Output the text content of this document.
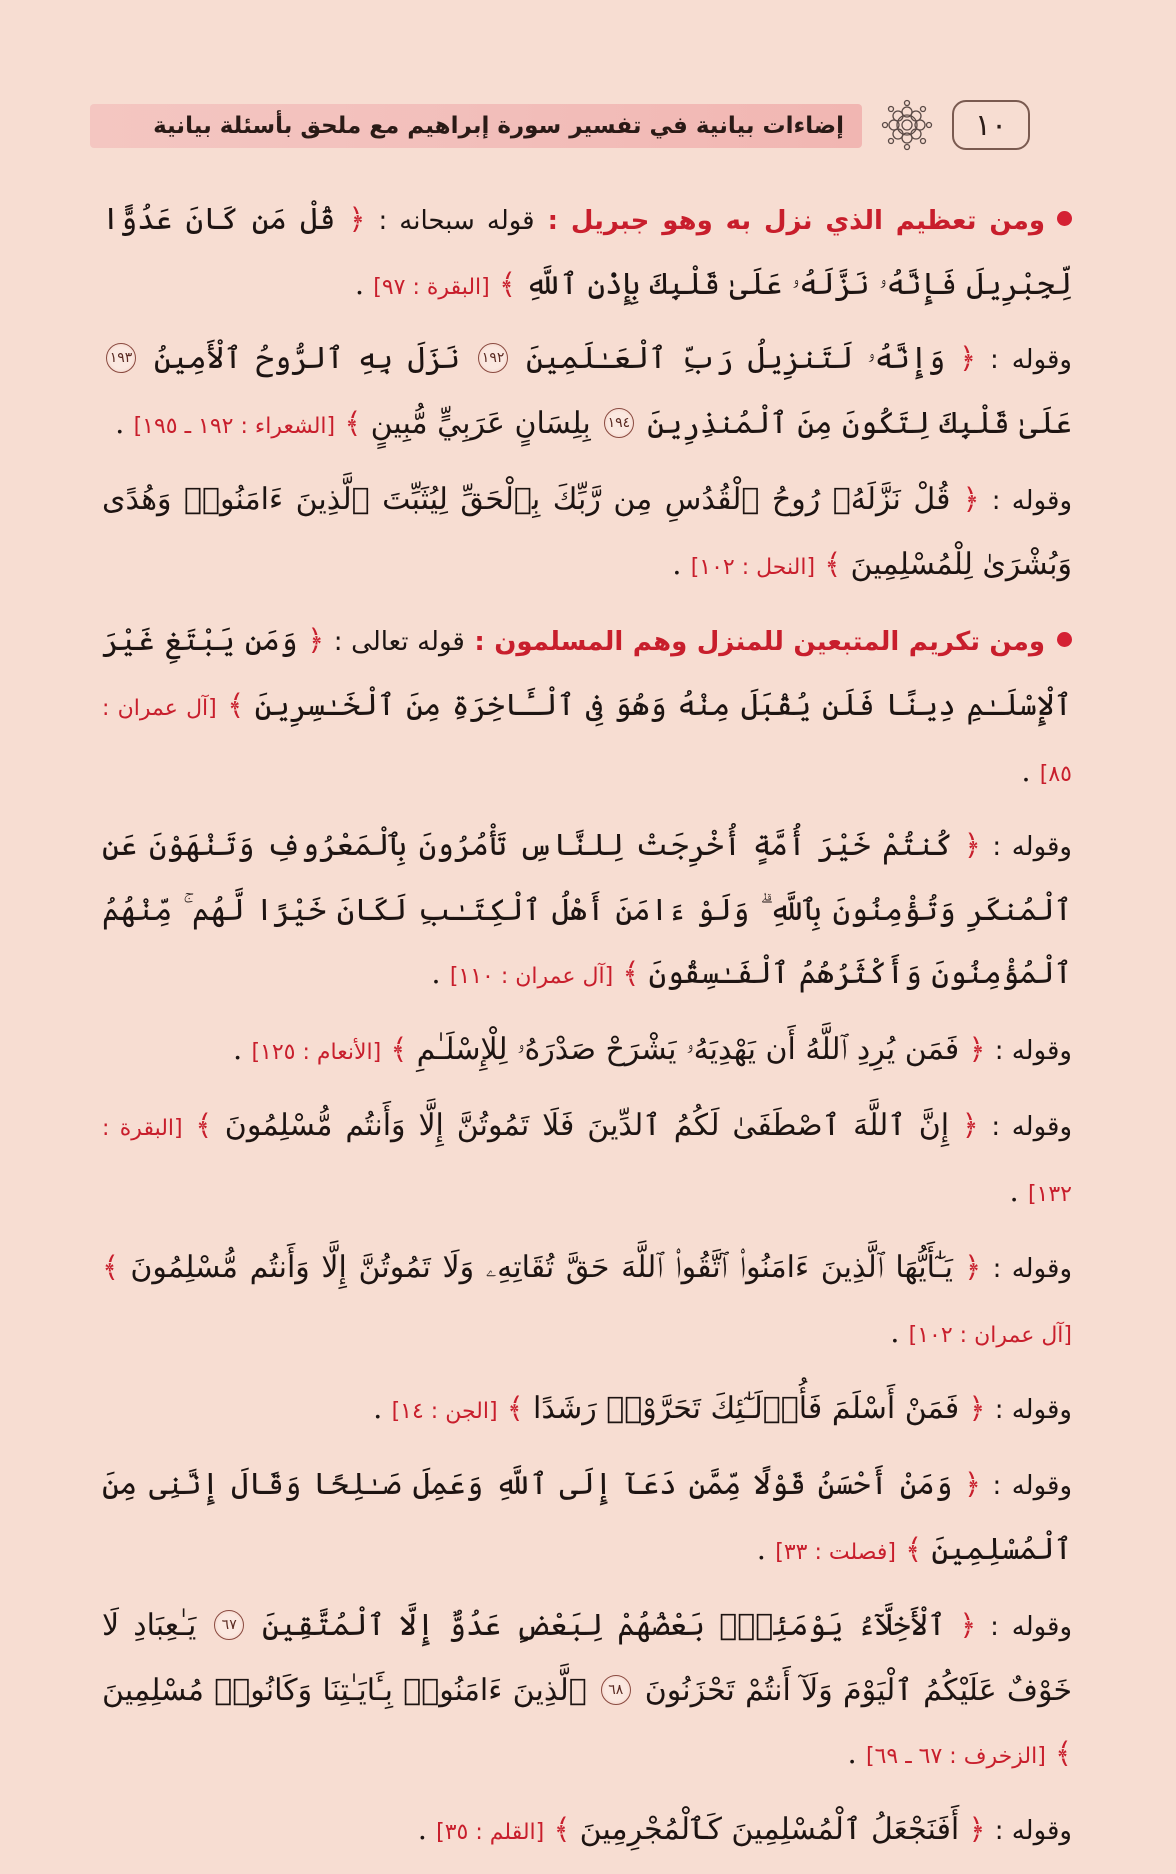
١٠
إضاءات بيانية في تفسير سورة إبراهيم مع ملحق بأسئلة بيانية

ومن تعظيم الذي نزل به وهو جبريل : قوله سبحانه : ﴿ قُلْ مَن كَانَ عَدُوًّا لِّجِبْرِيلَ فَإِنَّهُۥ نَزَّلَهُۥ عَلَىٰ قَلْبِكَ بِإِذْنِ ٱللَّهِ ﴾ [البقرة : ٩٧] .

وقوله : ﴿ وَإِنَّهُۥ لَتَنزِيلُ رَبِّ ٱلْعَـٰلَمِينَ ١٩٢ نَزَلَ بِهِ ٱلرُّوحُ ٱلْأَمِينُ ١٩٣ عَلَىٰ قَلْبِكَ لِتَكُونَ مِنَ ٱلْمُنذِرِينَ ١٩٤ بِلِسَانٍ عَرَبِيٍّ مُّبِينٍ ﴾ [الشعراء : ١٩٢ ـ ١٩٥] .

وقوله : ﴿ قُلْ نَزَّلَهُۥ رُوحُ ٱلْقُدُسِ مِن رَّبِّكَ بِٱلْحَقِّ لِيُثَبِّتَ ٱلَّذِينَ ءَامَنُوا۟ وَهُدًى وَبُشْرَىٰ لِلْمُسْلِمِينَ ﴾ [النحل : ١٠٢] .

ومن تكريم المتبعين للمنزل وهم المسلمون : قوله تعالى : ﴿ وَمَن يَبْتَغِ غَيْرَ ٱلْإِسْلَـٰمِ دِينًا فَلَن يُقْبَلَ مِنْهُ وَهُوَ فِى ٱلْـَٔاخِرَةِ مِنَ ٱلْخَـٰسِرِينَ ﴾ [آل عمران : ٨٥] .

وقوله : ﴿ كُنتُمْ خَيْرَ أُمَّةٍ أُخْرِجَتْ لِلنَّاسِ تَأْمُرُونَ بِٱلْمَعْرُوفِ وَتَنْهَوْنَ عَنِ ٱلْمُنكَرِ وَتُؤْمِنُونَ بِٱللَّهِ ۗ وَلَوْ ءَامَنَ أَهْلُ ٱلْكِتَـٰبِ لَكَانَ خَيْرًا لَّهُم ۚ مِّنْهُمُ ٱلْمُؤْمِنُونَ وَأَكْثَرُهُمُ ٱلْفَـٰسِقُونَ ﴾ [آل عمران : ١١٠] .

وقوله : ﴿ فَمَن يُرِدِ ٱللَّهُ أَن يَهْدِيَهُۥ يَشْرَحْ صَدْرَهُۥ لِلْإِسْلَـٰمِ ﴾ [الأنعام : ١٢٥] .

وقوله : ﴿ إِنَّ ٱللَّهَ ٱصْطَفَىٰ لَكُمُ ٱلدِّينَ فَلَا تَمُوتُنَّ إِلَّا وَأَنتُم مُّسْلِمُونَ ﴾ [البقرة : ١٣٢] .

وقوله : ﴿ يَـٰٓأَيُّهَا ٱلَّذِينَ ءَامَنُوا۟ ٱتَّقُوا۟ ٱللَّهَ حَقَّ تُقَاتِهِۦ وَلَا تَمُوتُنَّ إِلَّا وَأَنتُم مُّسْلِمُونَ ﴾ [آل عمران : ١٠٢] .

وقوله : ﴿ فَمَنْ أَسْلَمَ فَأُو۟لَـٰٓئِكَ تَحَرَّوْا۟ رَشَدًا ﴾ [الجن : ١٤] .

وقوله : ﴿ وَمَنْ أَحْسَنُ قَوْلًا مِّمَّن دَعَآ إِلَى ٱللَّهِ وَعَمِلَ صَـٰلِحًا وَقَالَ إِنَّنِى مِنَ ٱلْمُسْلِمِينَ ﴾ [فصلت : ٣٣] .

وقوله : ﴿ ٱلْأَخِلَّآءُ يَوْمَئِذٍۭ بَعْضُهُمْ لِبَعْضٍ عَدُوٌّ إِلَّا ٱلْمُتَّقِينَ ٦٧ يَـٰعِبَادِ لَا خَوْفٌ عَلَيْكُمُ ٱلْيَوْمَ وَلَآ أَنتُمْ تَحْزَنُونَ ٦٨ ٱلَّذِينَ ءَامَنُوا۟ بِـَٔايَـٰتِنَا وَكَانُوا۟ مُسْلِمِينَ ﴾ [الزخرف : ٦٧ ـ ٦٩] .

وقوله : ﴿ أَفَنَجْعَلُ ٱلْمُسْلِمِينَ كَٱلْمُجْرِمِينَ ﴾ [القلم : ٣٥] .
